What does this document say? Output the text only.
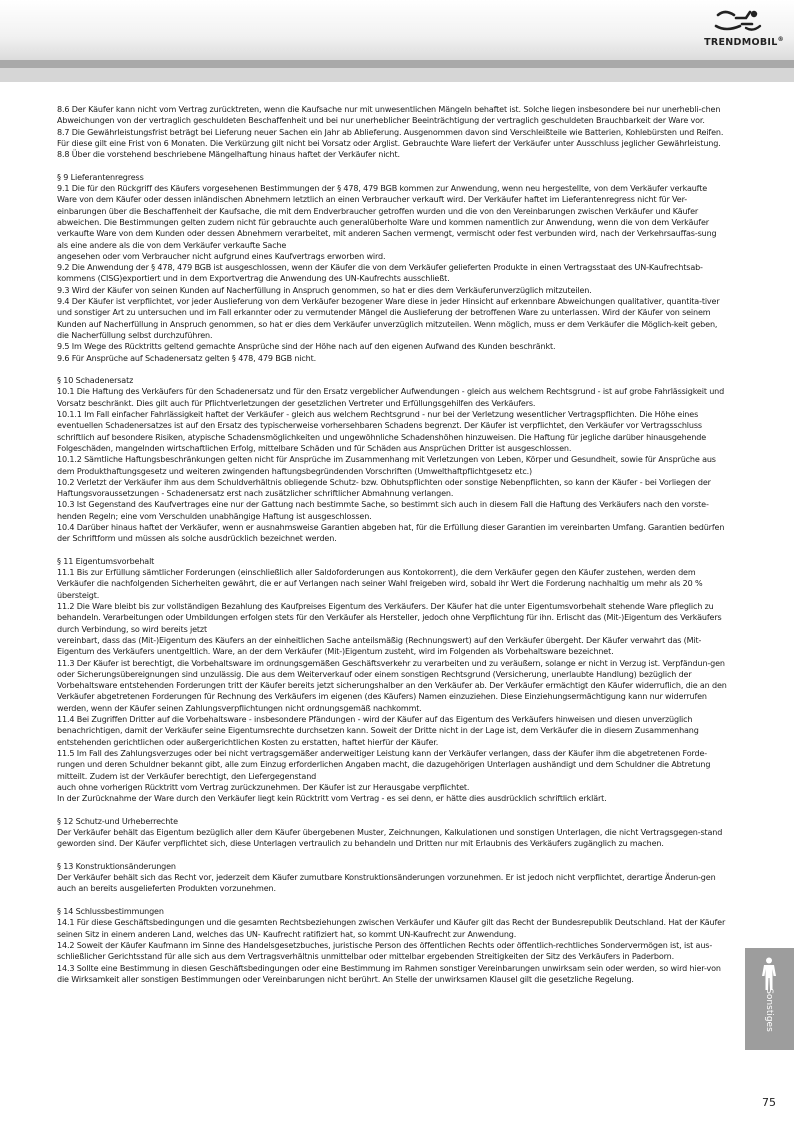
TRENDMOBIL®

8.6 Der Käufer kann nicht vom Vertrag zurücktreten, wenn die Kaufsache nur mit unwesentlichen Mängeln behaftet ist. Solche liegen insbesondere bei nur unerhebli-chen Abweichungen von der vertraglich geschuldeten Beschaffenheit und bei nur unerheblicher Beeinträchtigung der vertraglich geschuldeten Brauchbarkeit der Ware vor.

8.7 Die Gewährleistungsfrist beträgt bei Lieferung neuer Sachen ein Jahr ab Ablieferung. Ausgenommen davon sind Verschleißteile wie Batterien, Kohlebürsten und Reifen. Für diese gilt eine Frist von 6 Monaten. Die Verkürzung gilt nicht bei Vorsatz oder Arglist. Gebrauchte Ware liefert der Verkäufer unter Ausschluss jeglicher Gewährleistung.

8.8 Über die vorstehend beschriebene Mängelhaftung hinaus haftet der Verkäufer nicht.

§ 9 Lieferantenregress

9.1 Die für den Rückgriff des Käufers vorgesehenen Bestimmungen der § 478, 479 BGB kommen zur Anwendung, wenn neu hergestellte, von dem Verkäufer verkaufte Ware von dem Käufer oder dessen inländischen Abnehmern letztlich an einen Verbraucher verkauft wird. Der Verkäufer haftet im Lieferantenregress nicht für Ver-einbarungen über die Beschaffenheit der Kaufsache, die mit dem Endverbraucher getroffen wurden und die von den Vereinbarungen zwischen Verkäufer und Käufer abweichen. Die Bestimmungen gelten zudem nicht für gebrauchte auch generalüberholte Ware und kommen namentlich zur Anwendung, wenn die von dem Verkäufer verkaufte Ware von dem Kunden oder dessen Abnehmern verarbeitet, mit anderen Sachen vermengt, vermischt oder fest verbunden wird, nach der Verkehrsauffas-sung als eine andere als die von dem Verkäufer verkaufte Sache

angesehen oder vom Verbraucher nicht aufgrund eines Kaufvertrags erworben wird.

9.2 Die Anwendung der § 478, 479 BGB ist ausgeschlossen, wenn der Käufer die von dem Verkäufer gelieferten Produkte in einen Vertragsstaat des UN-Kaufrechtsab-kommens (CISG)exportiert und in dem Exportvertrag die Anwendung des UN-Kaufrechts ausschließt.

9.3 Wird der Käufer von seinen Kunden auf Nacherfüllung in Anspruch genommen, so hat er dies dem Verkäuferunverzüglich mitzuteilen.

9.4 Der Käufer ist verpflichtet, vor jeder Auslieferung von dem Verkäufer bezogener Ware diese in jeder Hinsicht auf erkennbare Abweichungen qualitativer, quantita-tiver und sonstiger Art zu untersuchen und im Fall erkannter oder zu vermutender Mängel die Auslieferung der betroffenen Ware zu unterlassen. Wird der Käufer von seinem Kunden auf Nacherfüllung in Anspruch genommen, so hat er dies dem Verkäufer unverzüglich mitzuteilen. Wenn möglich, muss er dem Verkäufer die Möglich-keit geben, die Nacherfüllung selbst durchzuführen.

9.5 Im Wege des Rücktritts geltend gemachte Ansprüche sind der Höhe nach auf den eigenen Aufwand des Kunden beschränkt.

9.6 Für Ansprüche auf Schadenersatz gelten § 478, 479 BGB nicht.

§ 10 Schadenersatz

10.1 Die Haftung des Verkäufers für den Schadenersatz und für den Ersatz vergeblicher Aufwendungen - gleich aus welchem Rechtsgrund - ist auf grobe Fahrlässigkeit und Vorsatz beschränkt. Dies gilt auch für Pflichtverletzungen der gesetzlichen Vertreter und Erfüllungsgehilfen des Verkäufers.

10.1.1 Im Fall einfacher Fahrlässigkeit haftet der Verkäufer - gleich aus welchem Rechtsgrund - nur bei der Verletzung wesentlicher Vertragspflichten. Die Höhe eines eventuellen Schadenersatzes ist auf den Ersatz des typischerweise vorhersehbaren Schadens begrenzt. Der Käufer ist verpflichtet, den Verkäufer vor Vertragsschluss schriftlich auf besondere Risiken, atypische Schadensmöglichkeiten und ungewöhnliche Schadenshöhen hinzuweisen. Die Haftung für jegliche darüber hinausgehende Folgeschäden, mangelnden wirtschaftlichen Erfolg, mittelbare Schäden und für Schäden aus Ansprüchen Dritter ist ausgeschlossen.

10.1.2 Sämtliche Haftungsbeschränkungen gelten nicht für Ansprüche im Zusammenhang mit Verletzungen von Leben, Körper und Gesundheit, sowie für Ansprüche aus dem Produkthaftungsgesetz und weiteren zwingenden haftungsbegründenden Vorschriften (Umwelthaftpflichtgesetz etc.)

10.2 Verletzt der Verkäufer ihm aus dem Schuldverhältnis obliegende Schutz- bzw. Obhutspflichten oder sonstige Nebenpflichten, so kann der Käufer - bei Vorliegen der Haftungsvoraussetzungen - Schadenersatz erst nach zusätzlicher schriftlicher Abmahnung verlangen.

10.3 Ist Gegenstand des Kaufvertrages eine nur der Gattung nach bestimmte Sache, so bestimmt sich auch in diesem Fall die Haftung des Verkäufers nach den vorste-henden Regeln; eine vom Verschulden unabhängige Haftung ist ausgeschlossen.

10.4 Darüber hinaus haftet der Verkäufer, wenn er ausnahmsweise Garantien abgeben hat, für die Erfüllung dieser Garantien im vereinbarten Umfang. Garantien bedürfen der Schriftform und müssen als solche ausdrücklich bezeichnet werden.

§ 11 Eigentumsvorbehalt

11.1 Bis zur Erfüllung sämtlicher Forderungen (einschließlich aller Saldoforderungen aus Kontokorrent), die dem Verkäufer gegen den Käufer zustehen, werden dem Verkäufer die nachfolgenden Sicherheiten gewährt, die er auf Verlangen nach seiner Wahl freigeben wird, sobald ihr Wert die Forderung nachhaltig um mehr als 20 % übersteigt.

11.2 Die Ware bleibt bis zur vollständigen Bezahlung des Kaufpreises Eigentum des Verkäufers. Der Käufer hat die unter Eigentumsvorbehalt stehende Ware pfleglich zu behandeln. Verarbeitungen oder Umbildungen erfolgen stets für den Verkäufer als Hersteller, jedoch ohne Verpflichtung für ihn. Erlischt das (Mit-)Eigentum des Verkäufers durch Verbindung, so wird bereits jetzt

vereinbart, dass das (Mit-)Eigentum des Käufers an der einheitlichen Sache anteilsmäßig (Rechnungswert) auf den Verkäufer übergeht. Der Käufer verwahrt das (Mit-Eigentum des Verkäufers unentgeltlich. Ware, an der dem Verkäufer (Mit-)Eigentum zusteht, wird im Folgenden als Vorbehaltsware bezeichnet.

11.3 Der Käufer ist berechtigt, die Vorbehaltsware im ordnungsgemäßen Geschäftsverkehr zu verarbeiten und zu veräußern, solange er nicht in Verzug ist. Verpfändun-gen oder Sicherungsübereignungen sind unzulässig. Die aus dem Weiterverkauf oder einem sonstigen Rechtsgrund (Versicherung, unerlaubte Handlung) bezüglich der Vorbehaltsware entstehenden Forderungen tritt der Käufer bereits jetzt sicherungshalber an den Verkäufer ab. Der Verkäufer ermächtigt den Käufer widerruflich, die an den

Verkäufer abgetretenen Forderungen für Rechnung des Verkäufers im eigenen (des Käufers) Namen einzuziehen. Diese Einziehungsermächtigung kann nur widerrufen werden, wenn der Käufer seinen Zahlungsverpflichtungen nicht ordnungsgemäß nachkommt.

11.4 Bei Zugriffen Dritter auf die Vorbehaltsware - insbesondere Pfändungen - wird der Käufer auf das Eigentum des Verkäufers hinweisen und diesen unverzüglich benachrichtigen, damit der Verkäufer seine Eigentumsrechte durchsetzen kann. Soweit der Dritte nicht in der Lage ist, dem Verkäufer die in diesem Zusammenhang entstehenden gerichtlichen oder außergerichtlichen Kosten zu erstatten, haftet hierfür der Käufer.

11.5 Im Fall des Zahlungsverzuges oder bei nicht vertragsgemäßer anderweitiger Leistung kann der Verkäufer verlangen, dass der Käufer ihm die abgetretenen Forde-rungen und deren Schuldner bekannt gibt, alle zum Einzug erforderlichen Angaben macht, die dazugehörigen Unterlagen aushändigt und dem Schuldner die Abtretung mitteilt. Zudem ist der Verkäufer berechtigt, den Liefergegenstand

auch ohne vorherigen Rücktritt vom Vertrag zurückzunehmen. Der Käufer ist zur Herausgabe verpflichtet.

In der Zurücknahme der Ware durch den Verkäufer liegt kein Rücktritt vom Vertrag - es sei denn, er hätte dies ausdrücklich schriftlich erklärt.

§ 12 Schutz-und Urheberrechte

Der Verkäufer behält das Eigentum bezüglich aller dem Käufer übergebenen Muster, Zeichnungen, Kalkulationen und sonstigen Unterlagen, die nicht Vertragsgegen-stand geworden sind. Der Käufer verpflichtet sich, diese Unterlagen vertraulich zu behandeln und Dritten nur mit Erlaubnis des Verkäufers zugänglich zu machen.

§ 13 Konstruktionsänderungen

Der Verkäufer behält sich das Recht vor, jederzeit dem Käufer zumutbare Konstruktionsänderungen vorzunehmen. Er ist jedoch nicht verpflichtet, derartige Änderun-gen auch an bereits ausgelieferten Produkten vorzunehmen.

§ 14 Schlussbestimmungen

14.1 Für diese Geschäftsbedingungen und die gesamten Rechtsbeziehungen zwischen Verkäufer und Käufer gilt das Recht der Bundesrepublik Deutschland. Hat der Käufer seinen Sitz in einem anderen Land, welches das UN- Kaufrecht ratifiziert hat, so kommt UN-Kaufrecht zur Anwendung.

14.2 Soweit der Käufer Kaufmann im Sinne des Handelsgesetzbuches, juristische Person des öffentlichen Rechts oder öffentlich-rechtliches Sondervermögen ist, ist aus-schließlicher Gerichtsstand für alle sich aus dem Vertragsverhältnis unmittelbar oder mittelbar ergebenden Streitigkeiten der Sitz des Verkäufers in Paderborn.

14.3 Sollte eine Bestimmung in diesen Geschäftsbedingungen oder eine Bestimmung im Rahmen sonstiger Vereinbarungen unwirksam sein oder werden, so wird hier-von die Wirksamkeit aller sonstigen Bestimmungen oder Vereinbarungen nicht berührt. An Stelle der unwirksamen Klausel gilt die gesetzliche Regelung.

Sonstiges
75
